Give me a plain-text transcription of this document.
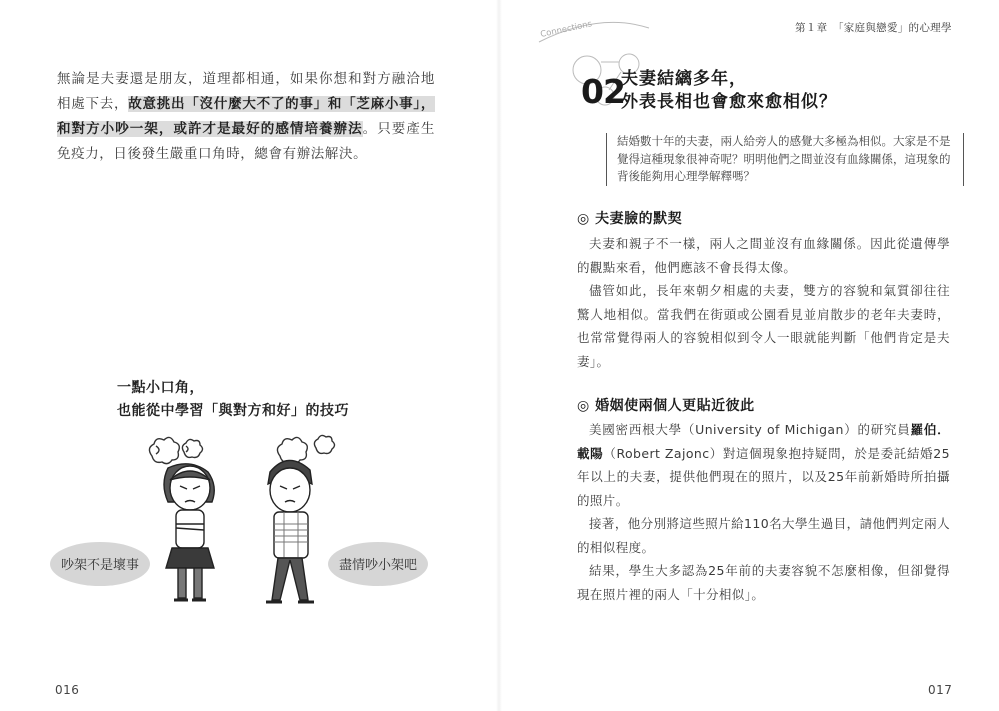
無論是夫妻還是朋友，道理都相通，如果你想和對方融洽地相處下去，故意挑出「沒什麼大不了的事」和「芝麻小事」，和對方小吵一架，或許才是最好的感情培養辦法。只要產生免疫力，日後發生嚴重口角時，總會有辦法解決。
一點小口角，
也能從中學習「與對方和好」的技巧
吵架不是壞事	盡情吵小架吧
016
第１章　「家庭與戀愛」的心理學
Connections
02
夫妻結縭多年，
外表長相也會愈來愈相似？
結婚數十年的夫妻，兩人給旁人的感覺大多極為相似。大家是不是覺得這種現象很神奇呢？明明他們之間並沒有血緣關係，這現象的背後能夠用心理學解釋嗎？
◎ 夫妻臉的默契

夫妻和親子不一樣，兩人之間並沒有血緣關係。因此從遺傳學的觀點來看，他們應該不會長得太像。

儘管如此，長年來朝夕相處的夫妻，雙方的容貌和氣質卻往往驚人地相似。當我們在街頭或公園看見並肩散步的老年夫妻時，也常常覺得兩人的容貌相似到令人一眼就能判斷「他們肯定是夫妻」。

◎ 婚姻使兩個人更貼近彼此

美國密西根大學（University of Michigan）的研究員羅伯．載陽（Robert Zajonc）對這個現象抱持疑問，於是委託結婚25年以上的夫妻，提供他們現在的照片，以及25年前新婚時所拍攝的照片。

接著，他分別將這些照片給110名大學生過目，請他們判定兩人的相似程度。

結果，學生大多認為25年前的夫妻容貌不怎麼相像，但卻覺得現在照片裡的兩人「十分相似」。

017
